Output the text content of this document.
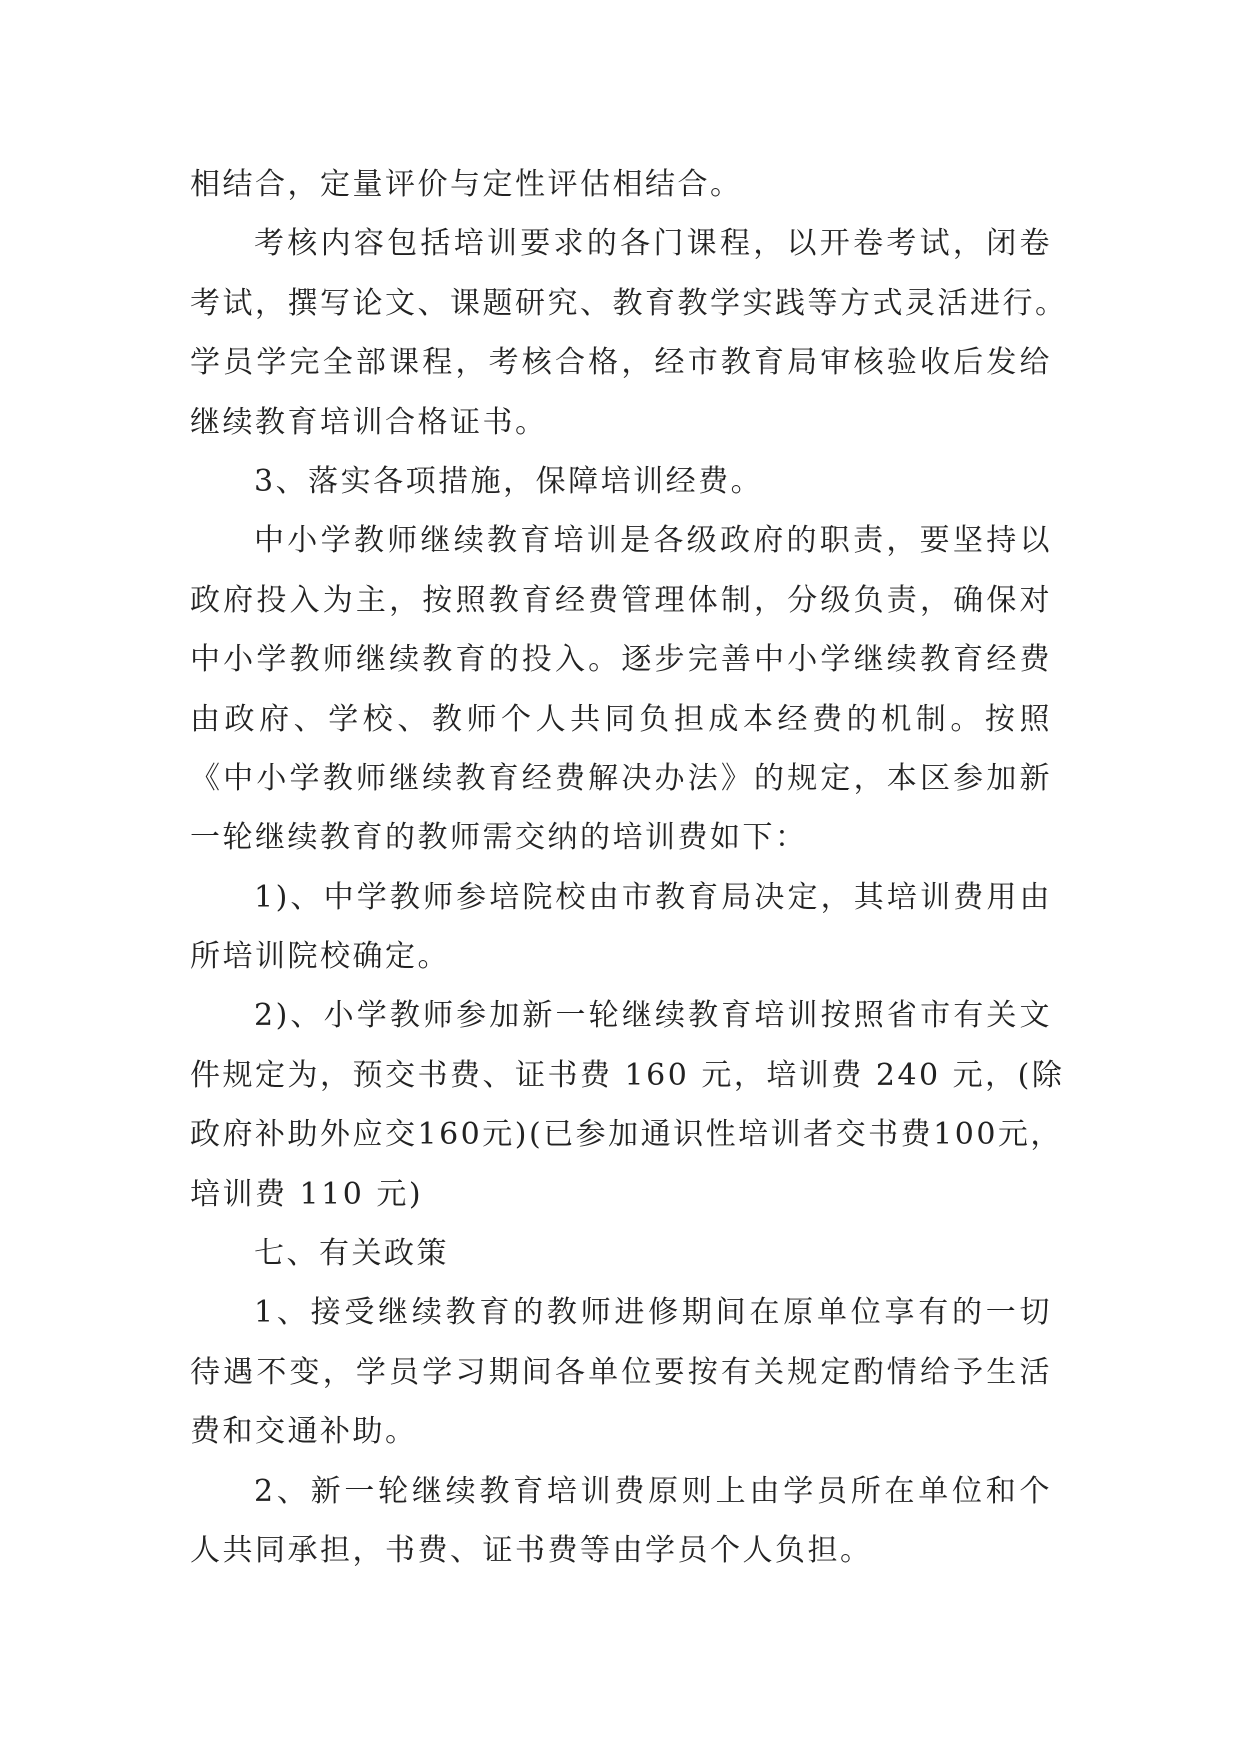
相结合，定量评价与定性评估相结合。
考核内容包括培训要求的各门课程，以开卷考试，闭卷
考试，撰写论文、课题研究、教育教学实践等方式灵活进行。
学员学完全部课程，考核合格，经市教育局审核验收后发给
继续教育培训合格证书。
3、落实各项措施，保障培训经费。
中小学教师继续教育培训是各级政府的职责，要坚持以
政府投入为主，按照教育经费管理体制，分级负责，确保对
中小学教师继续教育的投入。逐步完善中小学继续教育经费
由政府、学校、教师个人共同负担成本经费的机制。按照
《中小学教师继续教育经费解决办法》的规定，本区参加新
一轮继续教育的教师需交纳的培训费如下：
1)、中学教师参培院校由市教育局决定，其培训费用由
所培训院校确定。
2)、小学教师参加新一轮继续教育培训按照省市有关文
件规定为，预交书费、证书费 160 元，培训费 240 元，(除
政府补助外应交160元)(已参加通识性培训者交书费100元，
培训费 110 元)
七、有关政策
1、接受继续教育的教师进修期间在原单位享有的一切
待遇不变，学员学习期间各单位要按有关规定酌情给予生活
费和交通补助。
2、新一轮继续教育培训费原则上由学员所在单位和个
人共同承担，书费、证书费等由学员个人负担。
